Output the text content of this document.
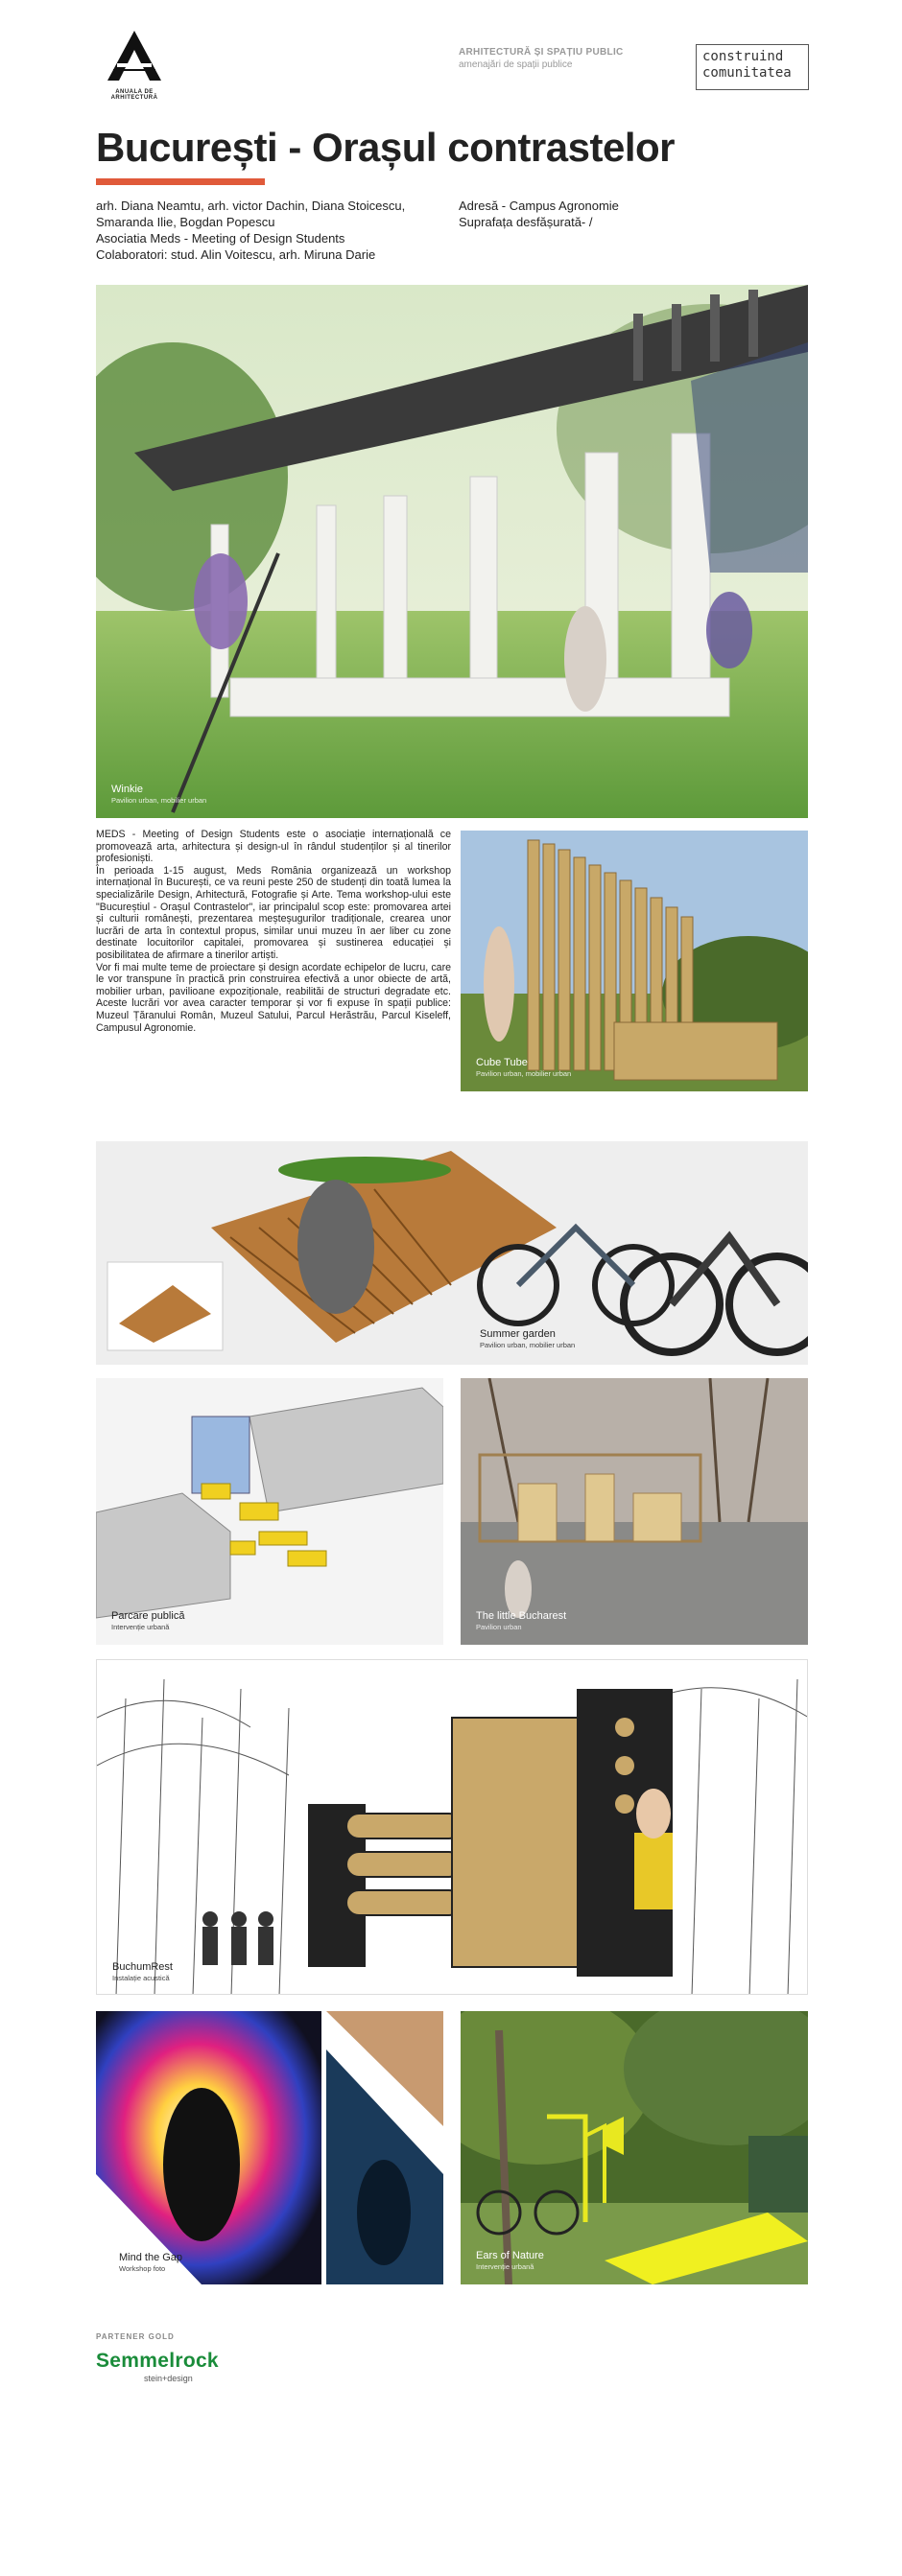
ANUALA DE ARHITECTURĂ
ARHITECTURĂ ȘI SPAȚIU PUBLIC
amenajări de spații publice
construind
comunitatea
București - Orașul contrastelor
arh. Diana Neamtu, arh. victor Dachin, Diana Stoicescu,
Smaranda Ilie, Bogdan Popescu
Asociatia Meds - Meeting of Design Students
Colaboratori: stud. Alin Voitescu, arh. Miruna Darie
Adresă - Campus Agronomie
Suprafața desfășurată- /
Winkie
Pavilion urban, mobilier urban

MEDS - Meeting of Design Students este o asociație internațională ce promovează arta, arhitectura și design-ul în rândul studenților și al tinerilor profesioniști.

În perioada 1-15 august, Meds România organizează un workshop internațional în București, ce va reuni peste 250 de studenți din toată lumea la specializările Design, Arhitectură, Fotografie și Arte. Tema workshop-ului este "Bucureștiul - Orașul Contrastelor", iar principalul scop este: promovarea artei și culturii românești, prezentarea meșteșugurilor tradiționale, crearea unor lucrări de arta în contextul propus, similar unui muzeu în aer liber cu zone destinate locuitorilor capitalei, promovarea și sustinerea educației și posibilitatea de afirmare a tinerilor artiști.

Vor fi mai multe teme de proiectare și design acordate echipelor de lucru, care le vor transpune în practică prin construirea efectivă a unor obiecte de artă, mobilier urban, pavilioane expoziționale, reabilităi de structuri degradate etc. Aceste lucrări vor avea caracter temporar și vor fi expuse în spații publice: Muzeul Țăranului Român, Muzeul Satului, Parcul Herăstrău, Parcul Kiseleff, Campusul Agronomie.

Cube Tube
Pavilion urban, mobilier urban
Summer garden
Pavilion urban, mobilier urban
Parcare publică
Intervenție urbană
The little Bucharest
Pavilion urban
BuchumRest
Instalație acustică
Mind the Gap
Workshop foto
Ears of Nature
Intervenție urbană
PARTENER GOLD
Semmelrock
stein+design
